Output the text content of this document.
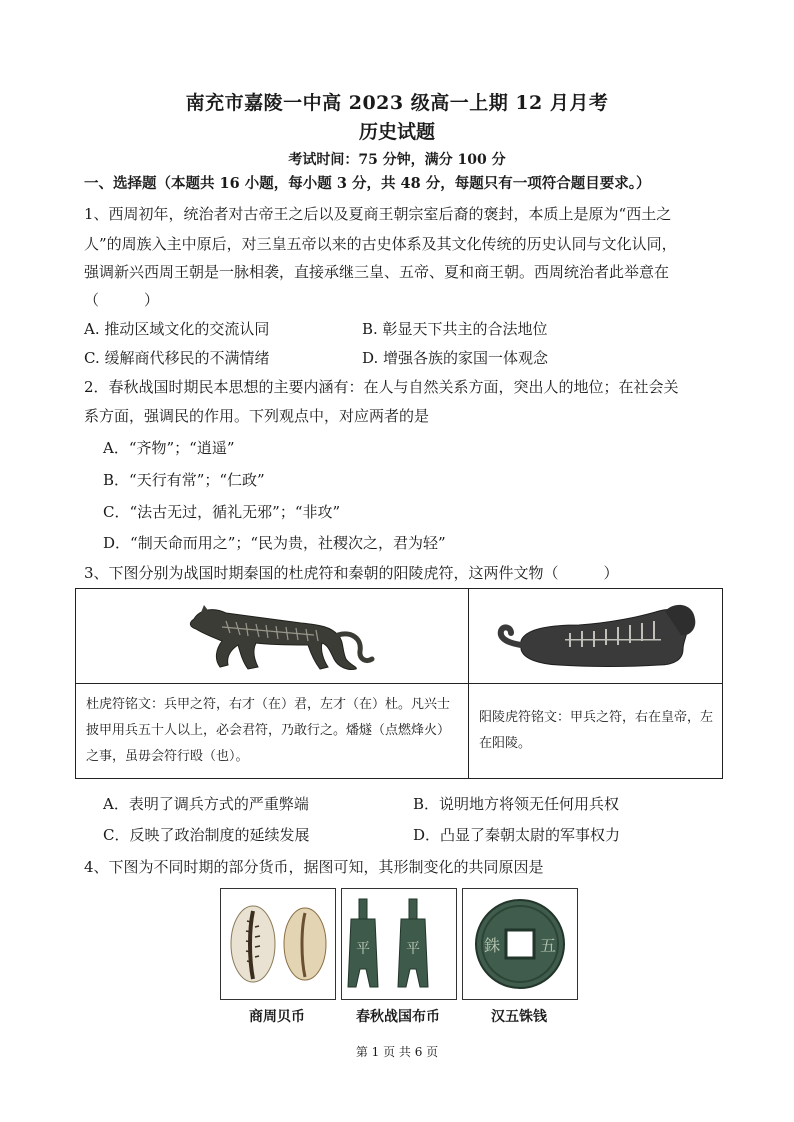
南充市嘉陵一中高 2023 级高一上期 12 月月考
历史试题
考试时间：75 分钟，满分 100 分
一、选择题（本题共 16 小题，每小题 3 分，共 48 分，每题只有一项符合题目要求。）
1、西周初年，统治者对古帝王之后以及夏商王朝宗室后裔的褒封，本质上是原为“西土之
人”的周族入主中原后，对三皇五帝以来的古史体系及其文化传统的历史认同与文化认同，
强调新兴西周王朝是一脉相袭，直接承继三皇、五帝、夏和商王朝。西周统治者此举意在
（　　　）
A. 推动区域文化的交流认同	B. 彰显天下共主的合法地位
C. 缓解商代移民的不满情绪	D. 增强各族的家国一体观念
2．春秋战国时期民本思想的主要内涵有：在人与自然关系方面，突出人的地位；在社会关
系方面，强调民的作用。下列观点中，对应两者的是
A．“齐物”；“逍遥”
B．“天行有常”；“仁政”
C．“法古无过，循礼无邪”；“非攻”
D．“制天命而用之”；“民为贵，社稷次之，君为轻”
3、下图分别为战国时期秦国的杜虎符和秦朝的阳陵虎符，这两件文物（　　　）

杜虎符铭文：兵甲之符，右才（在）君，左才（在）杜。凡兴士披甲用兵五十人以上，必会君符，乃敢行之。燔燧（点燃烽火）之事，虽毋会符行殴（也）。	阳陵虎符铭文：甲兵之符，右在皇帝，左在阳陵。
A．表明了调兵方式的严重弊端	B．说明地方将领无任何用兵权
C．反映了政治制度的延续发展	D．凸显了秦朝太尉的军事权力
4、下图为不同时期的部分货币，据图可知，其形制变化的共同原因是
平	平	銖 五
商周贝币	春秋战国布币	汉五铢钱
第 1 页 共 6 页
